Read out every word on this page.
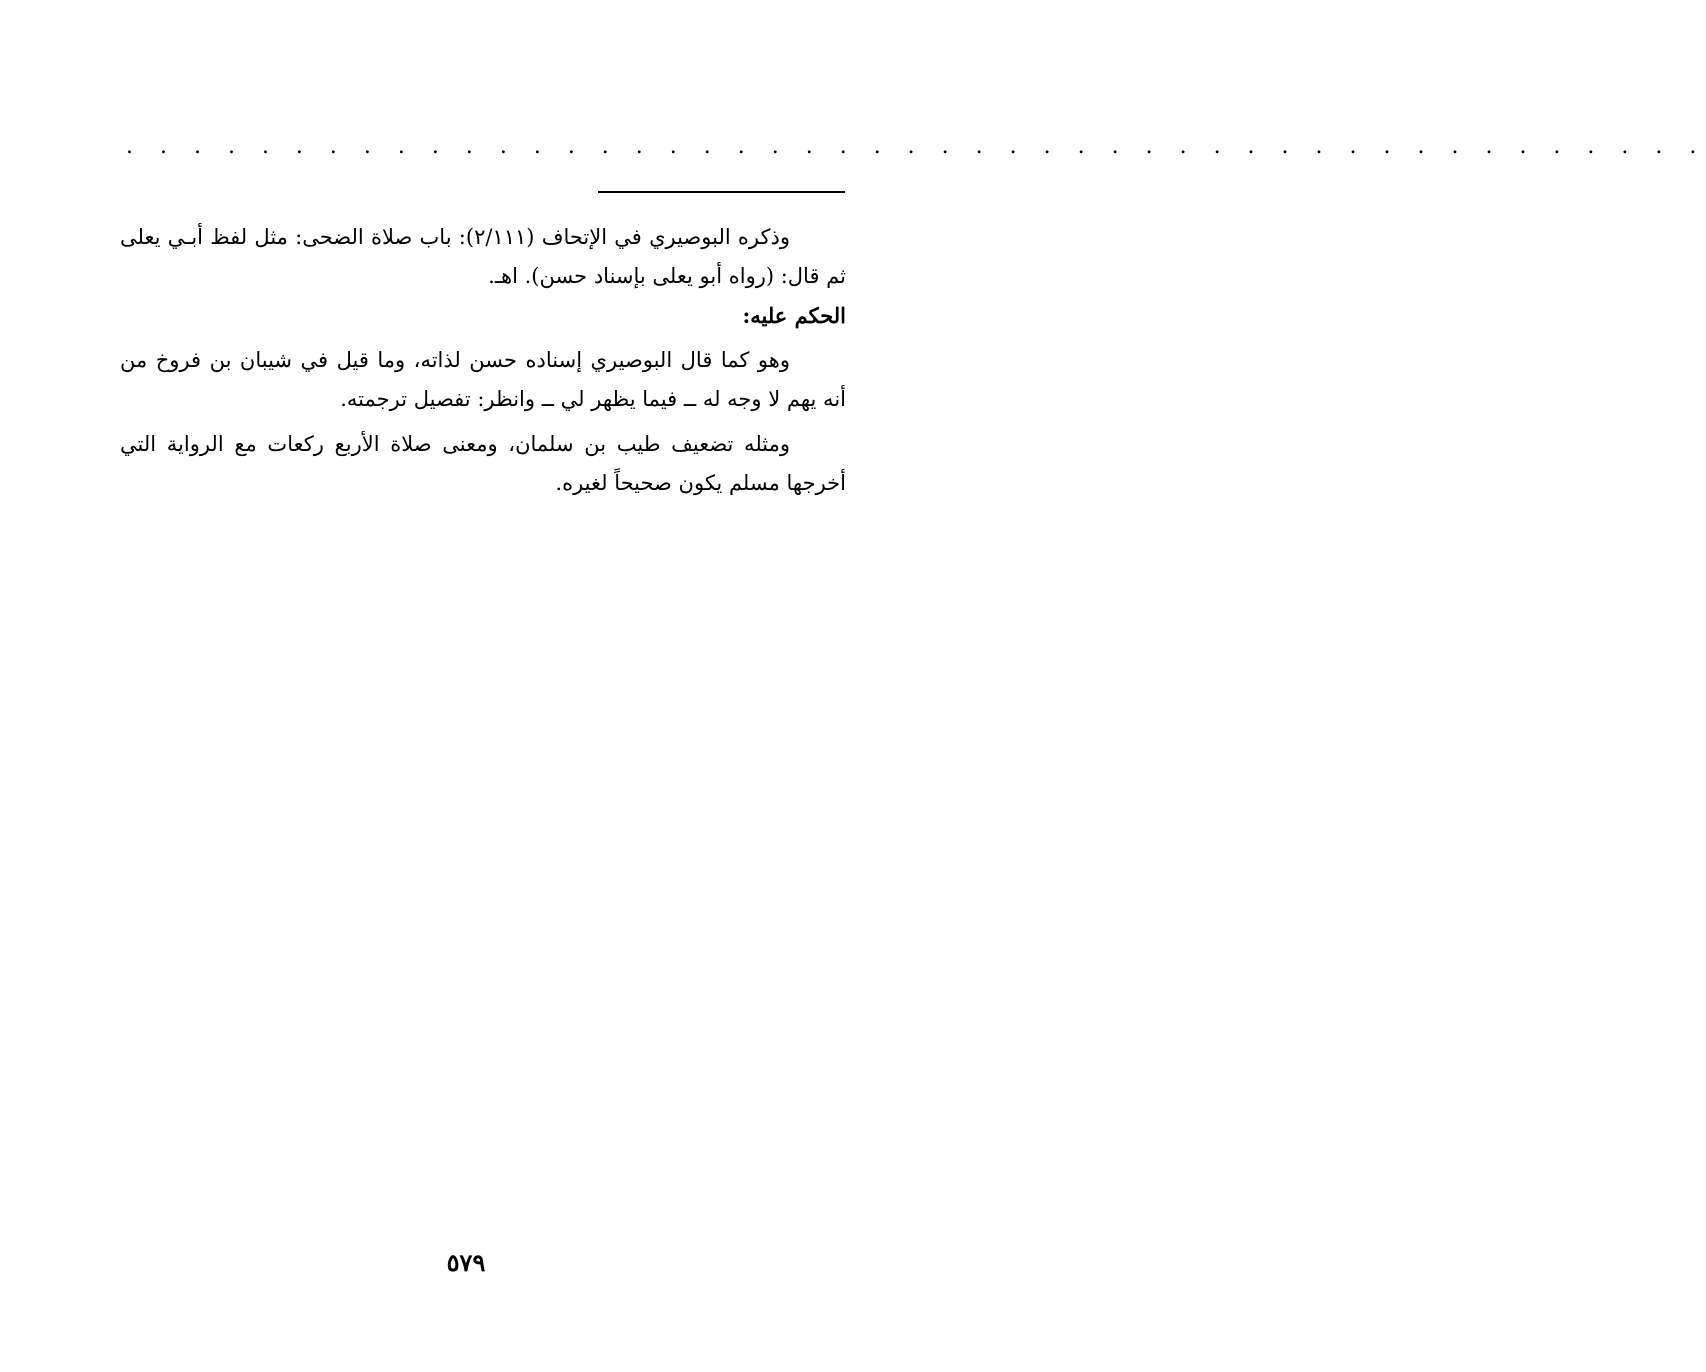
. . . . . . . . . . . . . . . . . . . . . . . . . . . . . . . . . . . . . . . . . . . . . . .

وذكره البوصيري في الإتحاف (٢/١١١): باب صلاة الضحى: مثل لفظ أبـي يعلى ثم قال: (رواه أبو يعلى بإسناد حسن). اهـ.

الحكم عليه:

وهو كما قال البوصيري إسناده حسن لذاته، وما قيل في شيبان بن فروخ من أنه يهم لا وجه له ــ فيما يظهر لي ــ وانظر: تفصيل ترجمته.

ومثله تضعيف طيب بن سلمان، ومعنى صلاة الأربع ركعات مع الرواية التي أخرجها مسلم يكون صحيحاً لغيره.

٥٧٩
